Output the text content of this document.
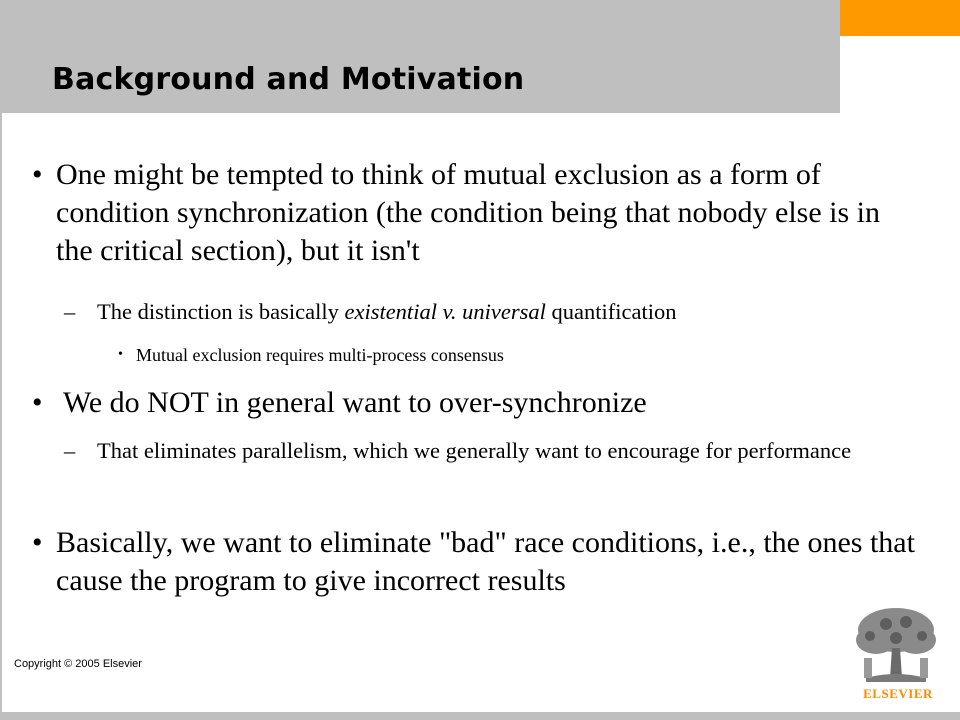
Background and Motivation
• One might be tempted to think of mutual exclusion as a form of condition synchronization (the condition being that nobody else is in the critical section), but it isn't
– The distinction is basically existential v. universal quantification
• Mutual exclusion requires multi-process consensus
• We do NOT in general want to over-synchronize
– That eliminates parallelism, which we generally want to encourage for performance
• Basically, we want to eliminate "bad" race conditions, i.e., the ones that cause the program to give incorrect results
Copyright © 2005 Elsevier
ELSEVIER
